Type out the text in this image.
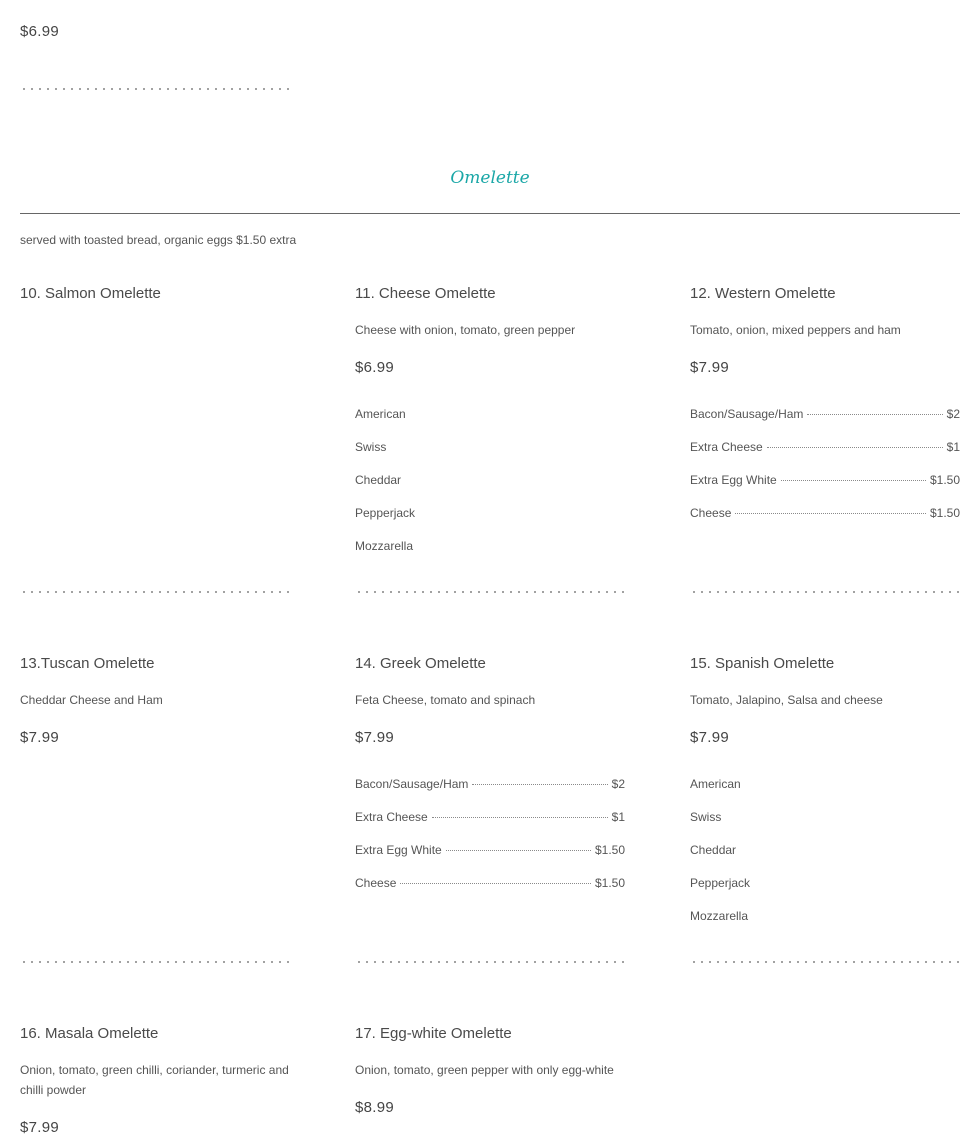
$6.99
Omelette
served with toasted bread, organic eggs $1.50 extra
10. Salmon Omelette	11. Cheese Omelette
Cheese with onion, tomato, green pepper
$6.99
American
Swiss
Cheddar
Pepperjack
Mozzarella
12. Western Omelette
Tomato, onion, mixed peppers and ham
$7.99
Bacon/Sausage/Ham	$2
Extra Cheese	$1
Extra Egg White	$1.50
Cheese	$1.50
13.Tuscan Omelette
Cheddar Cheese and Ham
$7.99
14. Greek Omelette
Feta Cheese, tomato and spinach
$7.99
Bacon/Sausage/Ham	$2
Extra Cheese	$1
Extra Egg White	$1.50
Cheese	$1.50
15. Spanish Omelette
Tomato, Jalapino, Salsa and cheese
$7.99
American
Swiss
Cheddar
Pepperjack
Mozzarella
16. Masala Omelette
Onion, tomato, green chilli, coriander, turmeric and chilli powder
$7.99
17. Egg-white Omelette
Onion, tomato, green pepper with only egg-white
$8.99
